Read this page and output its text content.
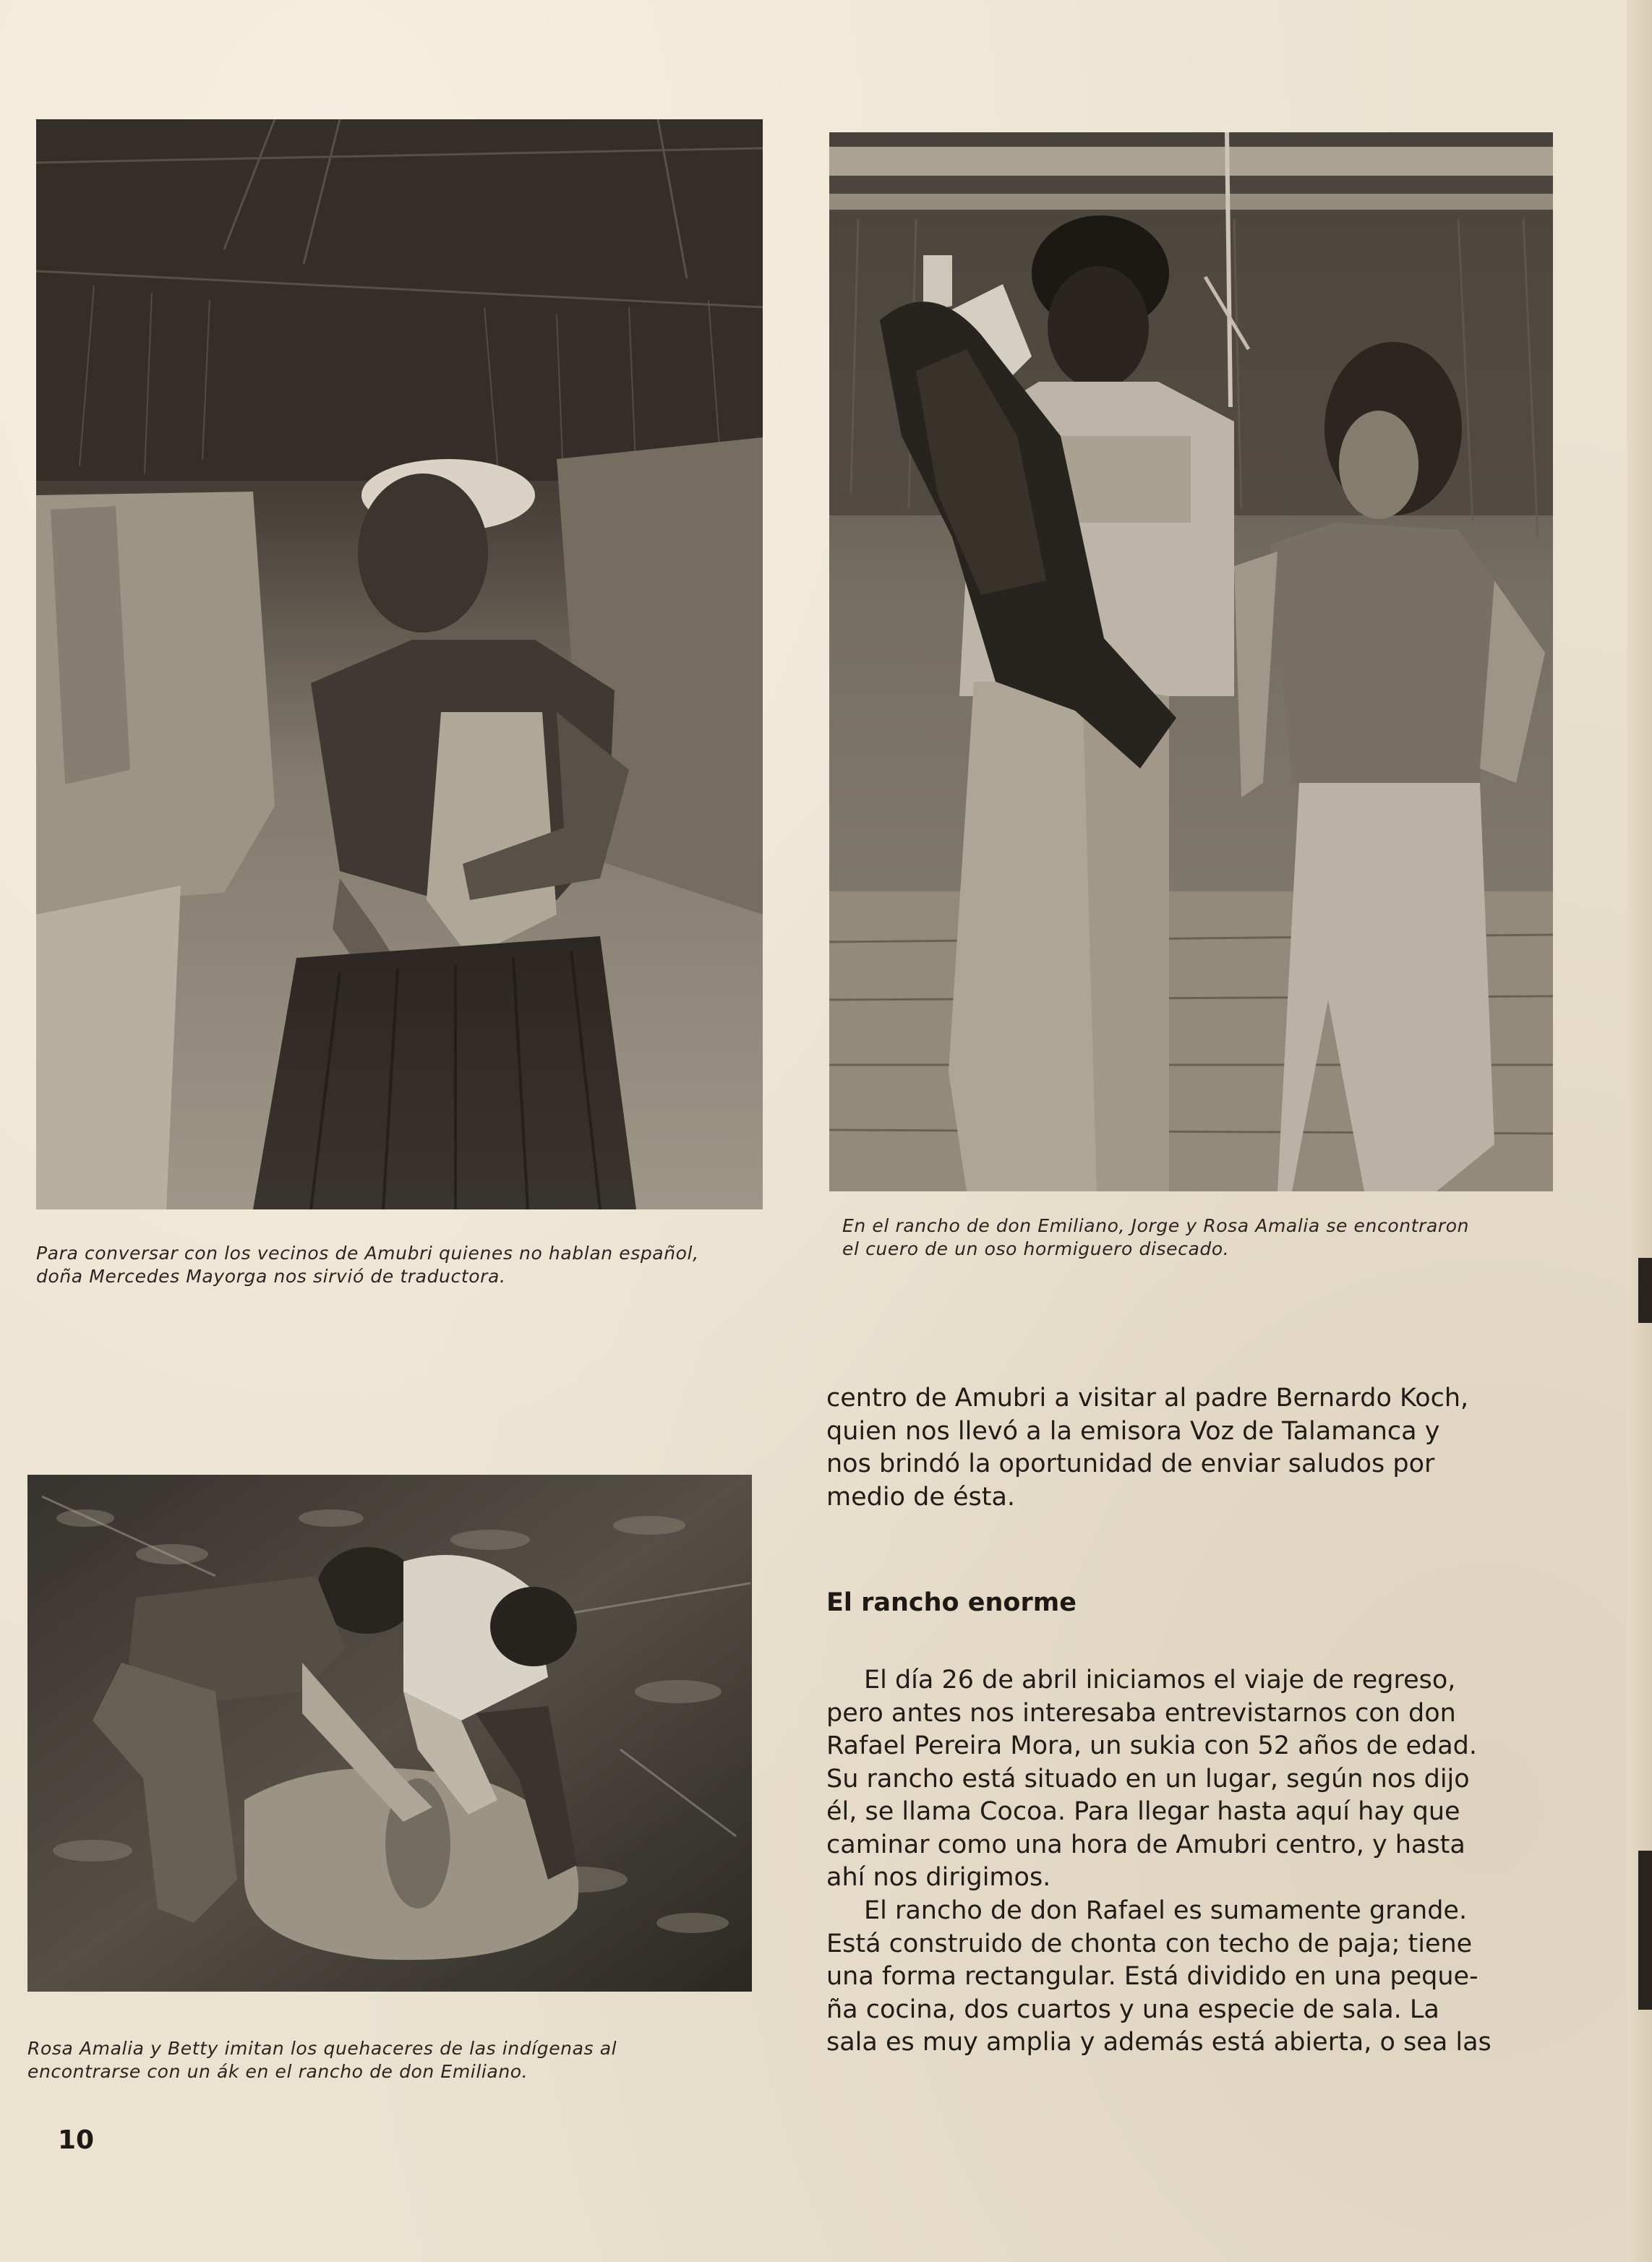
Para conversar con los vecinos de Amubri quienes no hablan español,
doña Mercedes Mayorga nos sirvió de traductora.
En el rancho de don Emiliano, Jorge y Rosa Amalia se encontraron
el cuero de un oso hormiguero disecado.
Rosa Amalia y Betty imitan los quehaceres de las indígenas al
encontrarse con un ák en el rancho de don Emiliano.
centro de Amubri a visitar al padre Bernardo Koch,
quien nos llevó a la emisora Voz de Talamanca y
nos brindó la oportunidad de enviar saludos por
medio de ésta.
El rancho enorme
El día 26 de abril iniciamos el viaje de regreso,
pero antes nos interesaba entrevistarnos con don
Rafael Pereira Mora, un sukia con 52 años de edad.
Su rancho está situado en un lugar, según nos dijo
él, se llama Cocoa. Para llegar hasta aquí hay que
caminar como una hora de Amubri centro, y hasta
ahí nos dirigimos.
El rancho de don Rafael es sumamente grande.
Está construido de chonta con techo de paja; tiene
una forma rectangular. Está dividido en una peque-
ña cocina, dos cuartos y una especie de sala. La
sala es muy amplia y además está abierta, o sea las
10
